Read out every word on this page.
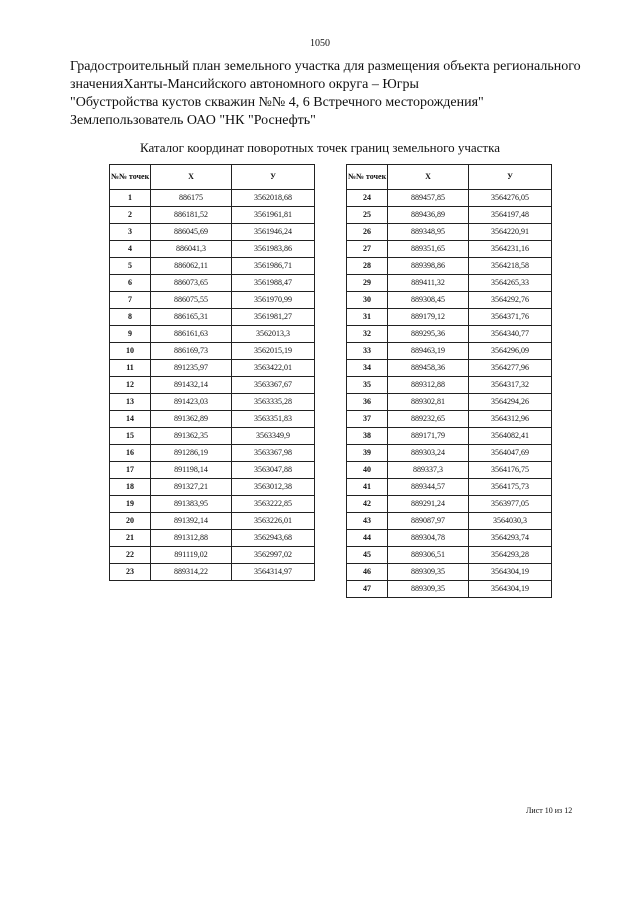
1050
Градостроительный план земельного участка для размещения объекта регионального
значенияХанты-Мансийского автономного округа – Югры
"Обустройства кустов скважин №№ 4, 6 Встречного месторождения"
Землепользователь ОАО "НК "Роснефть"
Каталог координат поворотных точек границ земельного участка
№№ точек	Х	У
1	886175	3562018,68
2	886181,52	3561961,81
3	886045,69	3561946,24
4	886041,3	3561983,86
5	886062,11	3561986,71
6	886073,65	3561988,47
7	886075,55	3561970,99
8	886165,31	3561981,27
9	886161,63	3562013,3
10	886169,73	3562015,19
11	891235,97	3563422,01
12	891432,14	3563367,67
13	891423,03	3563335,28
14	891362,89	3563351,83
15	891362,35	3563349,9
16	891286,19	3563367,98
17	891198,14	3563047,88
18	891327,21	3563012,38
19	891383,95	3563222,85
20	891392,14	3563226,01
21	891312,88	3562943,68
22	891119,02	3562997,02
23	889314,22	3564314,97
№№ точек	Х	У
24	889457,85	3564276,05
25	889436,89	3564197,48
26	889348,95	3564220,91
27	889351,65	3564231,16
28	889398,86	3564218,58
29	889411,32	3564265,33
30	889308,45	3564292,76
31	889179,12	3564371,76
32	889295,36	3564340,77
33	889463,19	3564296,09
34	889458,36	3564277,96
35	889312,88	3564317,32
36	889302,81	3564294,26
37	889232,65	3564312,96
38	889171,79	3564082,41
39	889303,24	3564047,69
40	889337,3	3564176,75
41	889344,57	3564175,73
42	889291,24	3563977,05
43	889087,97	3564030,3
44	889304,78	3564293,74
45	889306,51	3564293,28
46	889309,35	3564304,19
47	889309,35	3564304,19
Лист 10 из 12
